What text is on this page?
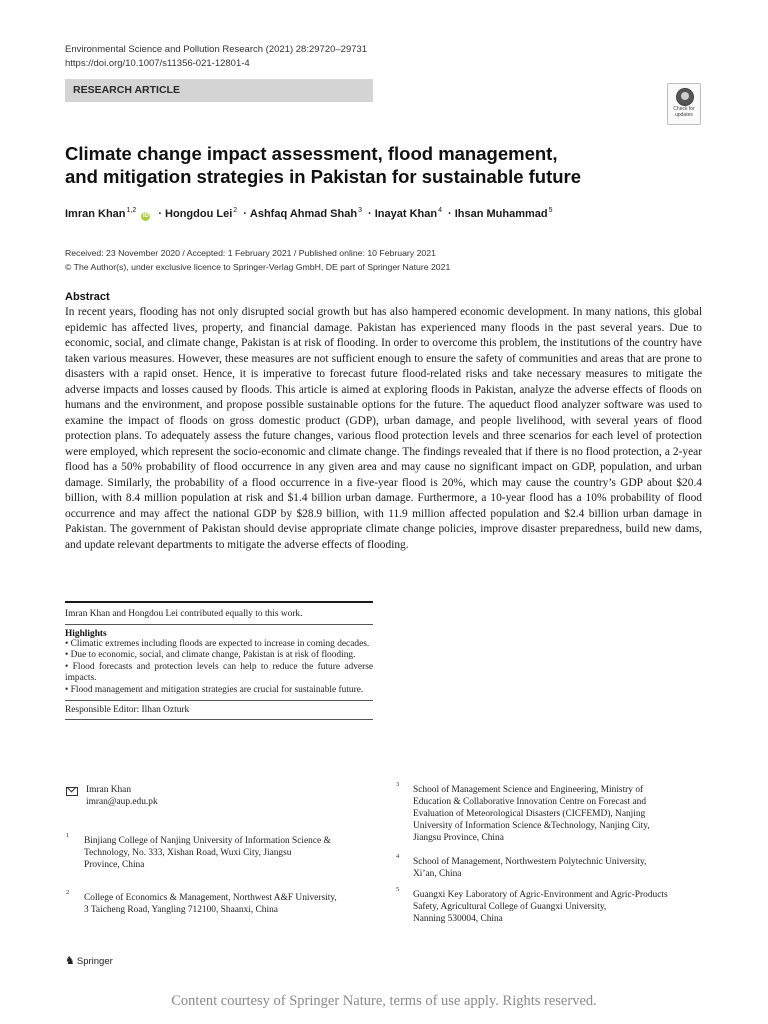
Environmental Science and Pollution Research (2021) 28:29720–29731
https://doi.org/10.1007/s11356-021-12801-4
RESEARCH ARTICLE
Check for
updates
Climate change impact assessment, flood management,
and mitigation strategies in Pakistan for sustainable future
Imran Khan$^{1,2}$ iD · Hongdou Lei$^2$ · Ashfaq Ahmad Shah$^3$ · Inayat Khan$^4$ · Ihsan Muhammad$^5$
Received: 23 November 2020 / Accepted: 1 February 2021 / Published online: 10 February 2021
© The Author(s), under exclusive licence to Springer-Verlag GmbH, DE part of Springer Nature 2021
Abstract
In recent years, flooding has not only disrupted social growth but has also hampered economic development. In many nations, this global epidemic has affected lives, property, and financial damage. Pakistan has experienced many floods in the past several years. Due to economic, social, and climate change, Pakistan is at risk of flooding. In order to overcome this problem, the institutions of the country have taken various measures. However, these measures are not sufficient enough to ensure the safety of communities and areas that are prone to disasters with a rapid onset. Hence, it is imperative to forecast future flood-related risks and take necessary measures to mitigate the adverse impacts and losses caused by floods. This article is aimed at exploring floods in Pakistan, analyze the adverse effects of floods on humans and the environment, and propose possible sustainable options for the future. The aqueduct flood analyzer software was used to examine the impact of floods on gross domestic product (GDP), urban damage, and people livelihood, with several years of flood protection plans. To adequately assess the future changes, various flood protection levels and three scenarios for each level of protection were employed, which represent the socio-economic and climate change. The findings revealed that if there is no flood protection, a 2-year flood has a 50% probability of flood occurrence in any given area and may cause no significant impact on GDP, population, and urban damage. Similarly, the probability of a flood occurrence in a five-year flood is 20%, which may cause the country’s GDP about $20.4 billion, with 8.4 million population at risk and $1.4 billion urban damage. Furthermore, a 10-year flood has a 10% probability of flood occurrence and may affect the national GDP by $28.9 billion, with 11.9 million affected population and $2.4 billion urban damage in Pakistan. The government of Pakistan should devise appropriate climate change policies, improve disaster preparedness, build new dams, and update relevant departments to mitigate the adverse effects of flooding.
Imran Khan and Hongdou Lei contributed equally to this work.
Highlights
• Climatic extremes including floods are expected to increase in coming decades.
• Due to economic, social, and climate change, Pakistan is at risk of flooding.
• Flood forecasts and protection levels can help to reduce the future adverse impacts.
• Flood management and mitigation strategies are crucial for sustainable future.
Responsible Editor: Ilhan Ozturk
Imran Khan
imran@aup.edu.pk
1
Binjiang College of Nanjing University of Information Science &
Technology, No. 333, Xishan Road, Wuxi City, Jiangsu
Province, China
2
College of Economics & Management, Northwest A&F University,
3 Taicheng Road, Yangling 712100, Shaanxi, China
3
School of Management Science and Engineering, Ministry of
Education & Collaborative Innovation Centre on Forecast and
Evaluation of Meteorological Disasters (CICFEMD), Nanjing
University of Information Science &Technology, Nanjing City,
Jiangsu Province, China
4
School of Management, Northwestern Polytechnic University,
Xi’an, China
5
Guangxi Key Laboratory of Agric-Environment and Agric-Products
Safety, Agricultural College of Guangxi University,
Nanning 530004, China
♞ Springer
Content courtesy of Springer Nature, terms of use apply. Rights reserved.
